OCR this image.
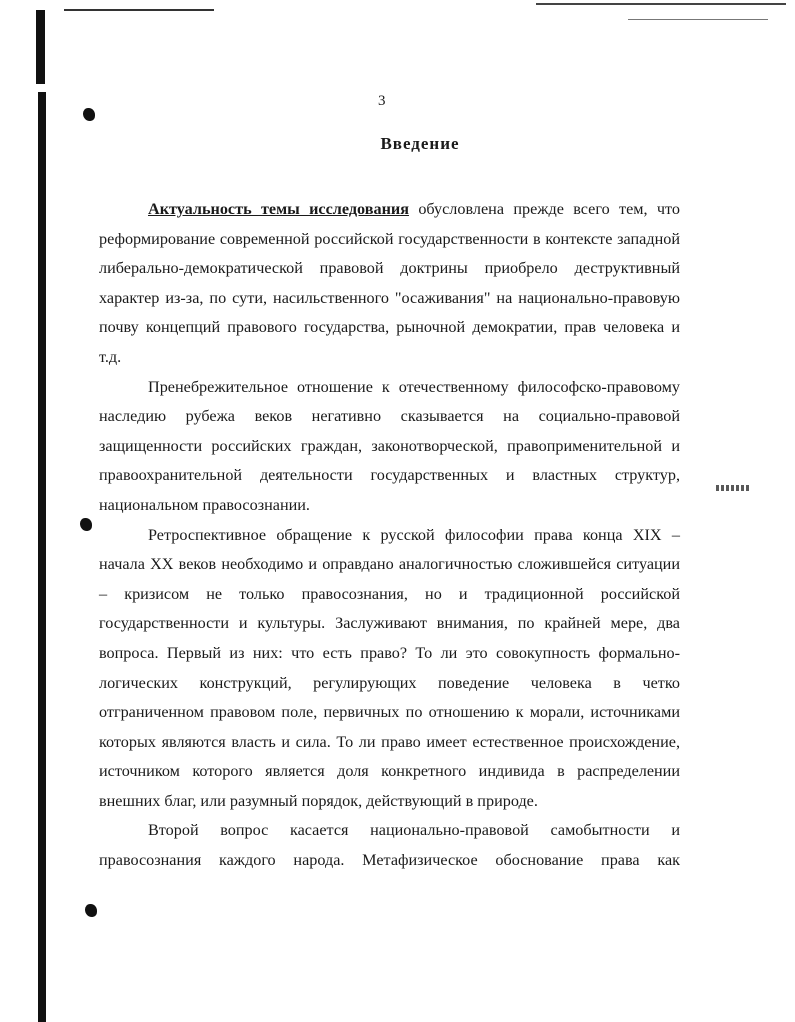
3
Введение

Актуальность темы исследования обусловлена прежде всего тем, что реформирование современной российской государственности в контексте западной либерально-демократической правовой доктрины приобрело деструктивный характер из-за, по сути, насильственного "осаживания" на национально-правовую почву концепций правового государства, рыночной демократии, прав человека и т.д.

Пренебрежительное отношение к отечественному философско-правовому наследию рубежа веков негативно сказывается на социально-правовой защищенности российских граждан, законотворческой, правоприменительной и правоохранительной деятельности государственных и властных структур, национальном правосознании.

Ретроспективное обращение к русской философии права конца XIX – начала XX веков необходимо и оправдано аналогичностью сложившейся ситуации – кризисом не только правосознания, но и традиционной российской государственности и культуры. Заслуживают внимания, по крайней мере, два вопроса. Первый из них: что есть право? То ли это совокупность формально-логических конструкций, регулирующих поведение человека в четко отграниченном правовом поле, первичных по отношению к морали, источниками которых являются власть и сила. То ли право имеет естественное происхождение, источником которого является доля конкретного индивида в распределении внешних благ, или разумный порядок, действующий в природе.

Второй вопрос касается национально-правовой самобытности и правосознания каждого народа. Метафизическое обоснование права как
